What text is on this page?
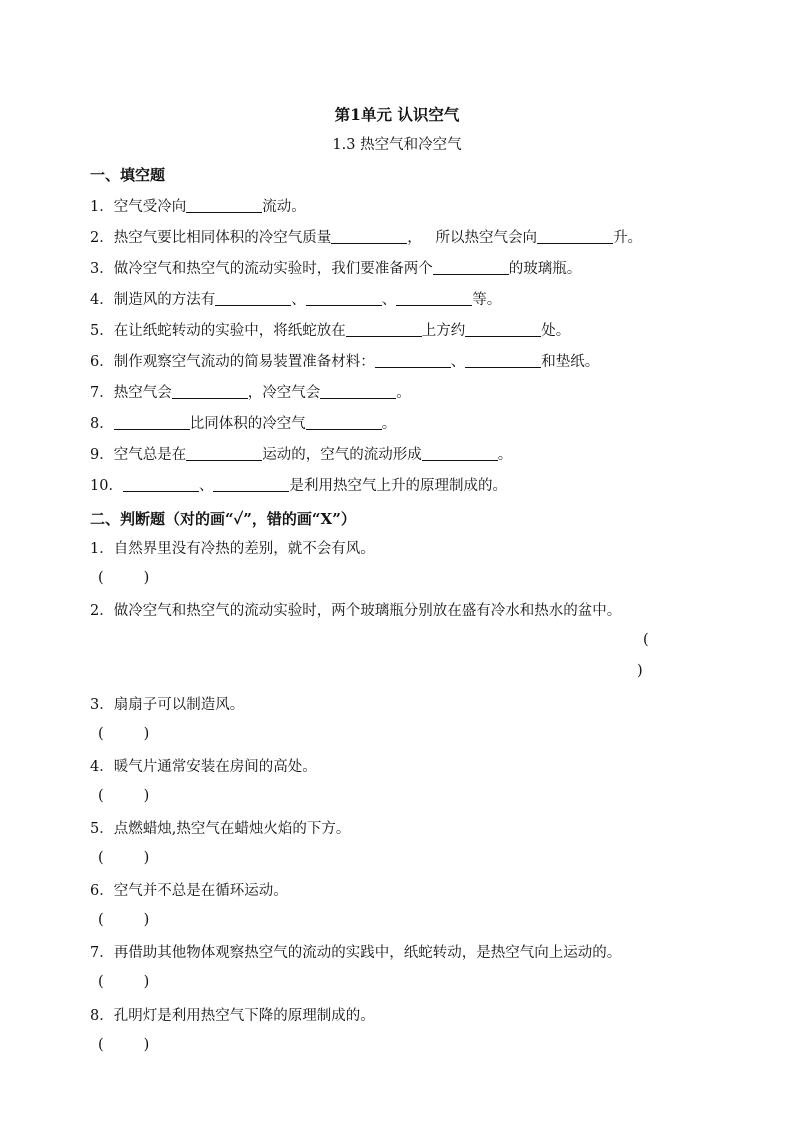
第1单元 认识空气
1.3 热空气和冷空气
一、填空题
1．空气受冷向	流动。
2．热空气要比相同体积的冷空气质量	，   所以热空气会向	升。
3．做冷空气和热空气的流动实验时，我们要准备两个	的玻璃瓶。
4．制造风的方法有	、	、	等。
5．在让纸蛇转动的实验中，将纸蛇放在	上方约	处。
6．制作观察空气流动的简易装置准备材料：	、	和垫纸。
7．热空气会	，冷空气会	。
8．	比同体积的冷空气	。
9．空气总是在	运动的，空气的流动形成	。
10．	、	是利用热空气上升的原理制成的。
二、判断题（对的画“✓”，错的画“X”）
1．自然界里没有冷热的差别，就不会有风。
(	)
2．做冷空气和热空气的流动实验时，两个玻璃瓶分别放在盛有冷水和热水的盆中。
(
)
3．扇扇子可以制造风。
(	)
4．暖气片通常安装在房间的高处。
(	)
5．点燃蜡烛,热空气在蜡烛火焰的下方。
(	)
6．空气并不总是在循环运动。
(	)
7．再借助其他物体观察热空气的流动的实践中，纸蛇转动，是热空气向上运动的。
(	)
8．孔明灯是利用热空气下降的原理制成的。
(	)
